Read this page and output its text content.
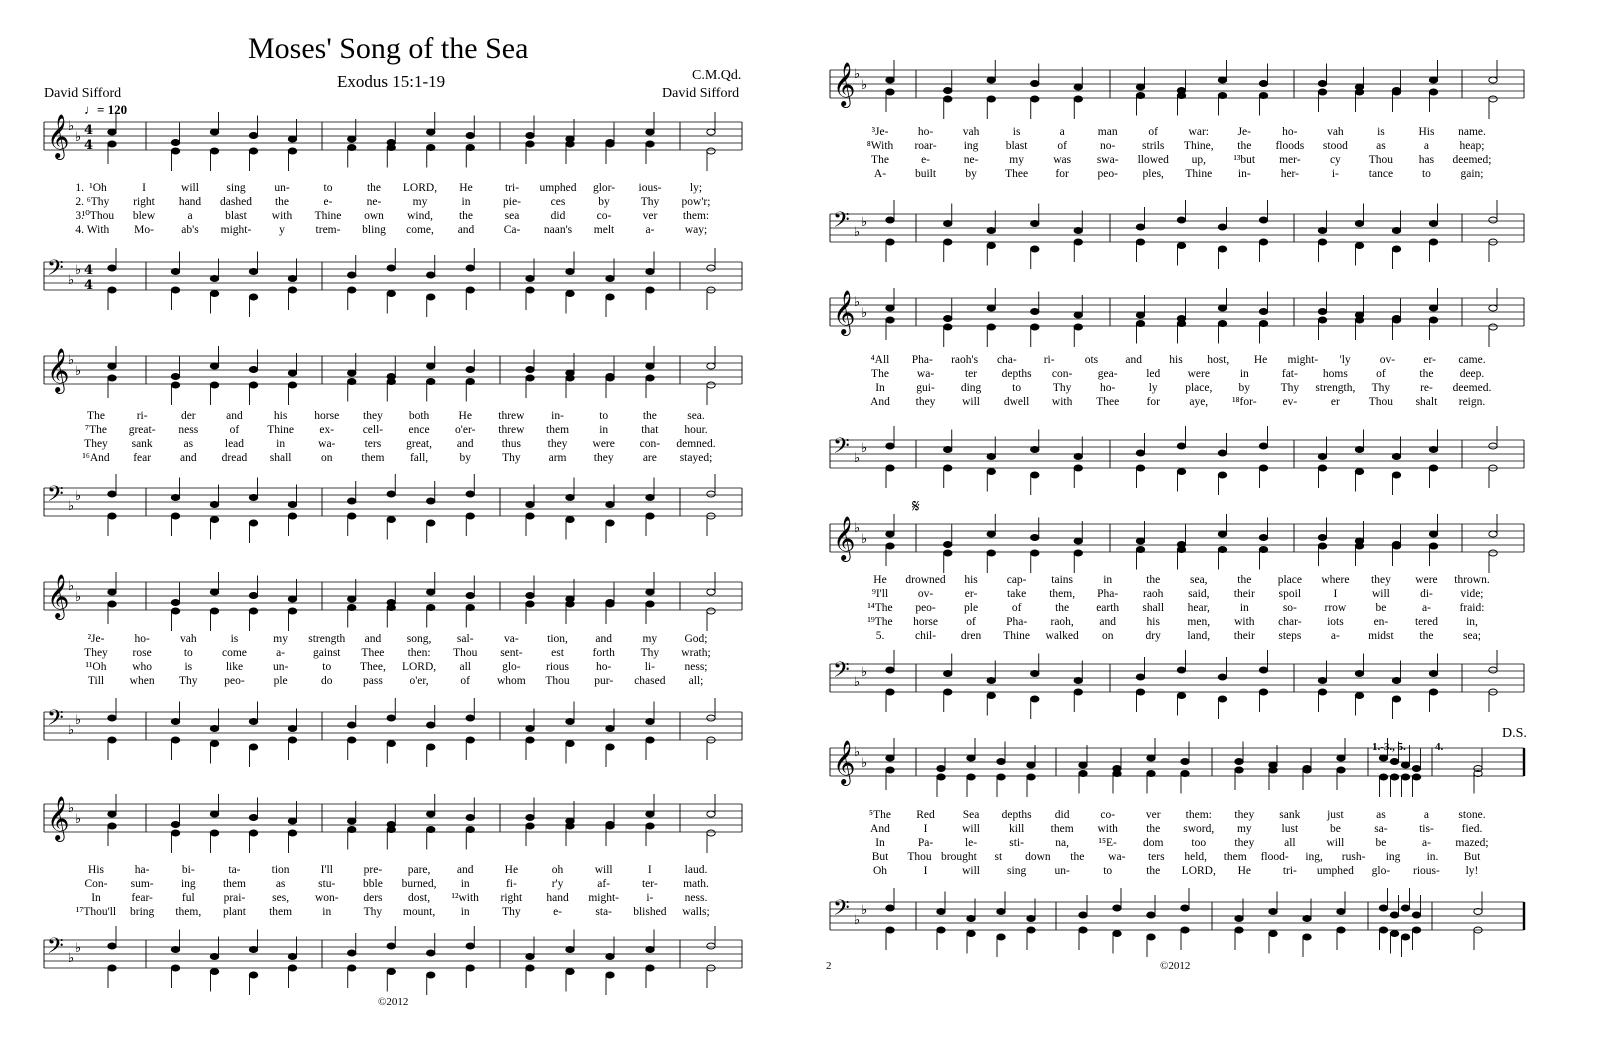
Moses' Song of the Sea
Exodus 15:1-19	C.M.Qd.
David Sifford	David Sifford
♩= 120
𝄞
♭
♭ 4
4
𝄢 ♭
♭ 4
4
𝄞
♭
♭
𝄢 ♭
♭
𝄞
♭
♭
𝄢 ♭
♭
𝄞
♭
♭
𝄢 ♭
♭
1. ¹Oh	I	will sing un-	to	the LORD, He	tri- umphed glor- ious- ly;
2. ⁶Thy right hand dashed the	e-	ne-	my	in	pie-	ces	by	Thy pow'r;
3.
¹⁰Thou blew	a	blast with Thine own wind, the	sea	did	co-	ver them:
4. With Mo- ab's might- y	trem- bling come, and	Ca- naan's melt	a-	way;
The	ri-	der	and	his horse they both	He threw in-	to	the	sea.
⁷The great- ness	of Thine ex- cell- ence o'er- threw them	in	that hour.
They sank	as	lead	in	wa-	ters great, and thus they were con- demned.
¹⁶And fear	and dread shall	on	them fall,	by	Thy arm they	are stayed;
²Je-	ho-	vah	is	my strength and song, sal-	va- tion, and	my God;
They rose	to	come	a- gainst Thee then: Thou sent- est forth Thy wrath;
¹¹Oh who	is	like	un-	to	Thee, LORD, all	glo- rious ho-	li-	ness;
Till when Thy peo-	ple	do	pass o'er,	of whom Thou pur- chased all;
His	ha-	bi-	ta-	tion	I'll	pre- pare, and	He	oh	will	I	laud.
Con- sum- ing them	as	stu- bble burned, in	fi-	r'y	af-	ter- math.
In	fear-	ful	prai- ses, won- ders dost, ¹²with right hand might- i-	ness.
¹⁷Thou'll bring them, plant them	in	Thy mount, in	Thy	e-	sta- blished walls;
©2012
𝄞
♭
♭
𝄢 ♭
♭
𝄞
♭
♭
𝄢 ♭
♭
𝄞
♭
♭
𝄢 ♭
♭
𝄞
♭
♭
𝄢 ♭
♭
𝄋
D.S.
1.-3., 5.	4.
³Je-	ho-	vah	is	a	man	of	war: Je-	ho-	vah	is	His name.
⁸With roar- ing blast	of	no- strils Thine, the floods stood as	a	heap;
The	e-	ne-	my	was swa- llowed up, ¹³but mer-	cy Thou has deemed;
A-	built	by Thee for peo- ples, Thine in-	her-	i-	tance	to	gain;
⁴All Pha- raoh's cha- ri-	ots and his host, He might- 'ly	ov- er- came.
The wa-	ter depths con- gea- led were	in	fat- homs of	the deep.
In	gui- ding	to	Thy ho-	ly place, by	Thy strength, Thy	re- deemed.
And they will dwell with Thee for	aye, ¹⁸for- ev-	er	Thou shalt reign.
He drowned his	cap- tains	in	the	sea,	the place where they were thrown.
⁹I'll	ov-	er-	take them, Pha- raoh said, their spoil	I	will	di- vide;
¹⁴The peo- ple	of	the earth shall hear,	in	so- rrow	be	a- fraid:
¹⁹The horse of	Pha- raoh, and	his men, with char- iots	en- tered in,
5.	chil- dren Thine walked on	dry land, their steps	a- midst the	sea;
⁵The Red Sea depths did	co-	ver them: they sank just	as	a	stone.
And	I	will	kill them with the sword, my	lust	be	sa-	tis- fied.
In	Pa-	le-	sti-	na,	¹⁵E- dom too they	all	will	be	a- mazed;
But Thou brought st down the wa- ters held, them flood- ing, rush- ing in. But
Oh	I	will sing un-	to	the LORD, He	tri- umphed glo- rious- ly!
2	©2012
